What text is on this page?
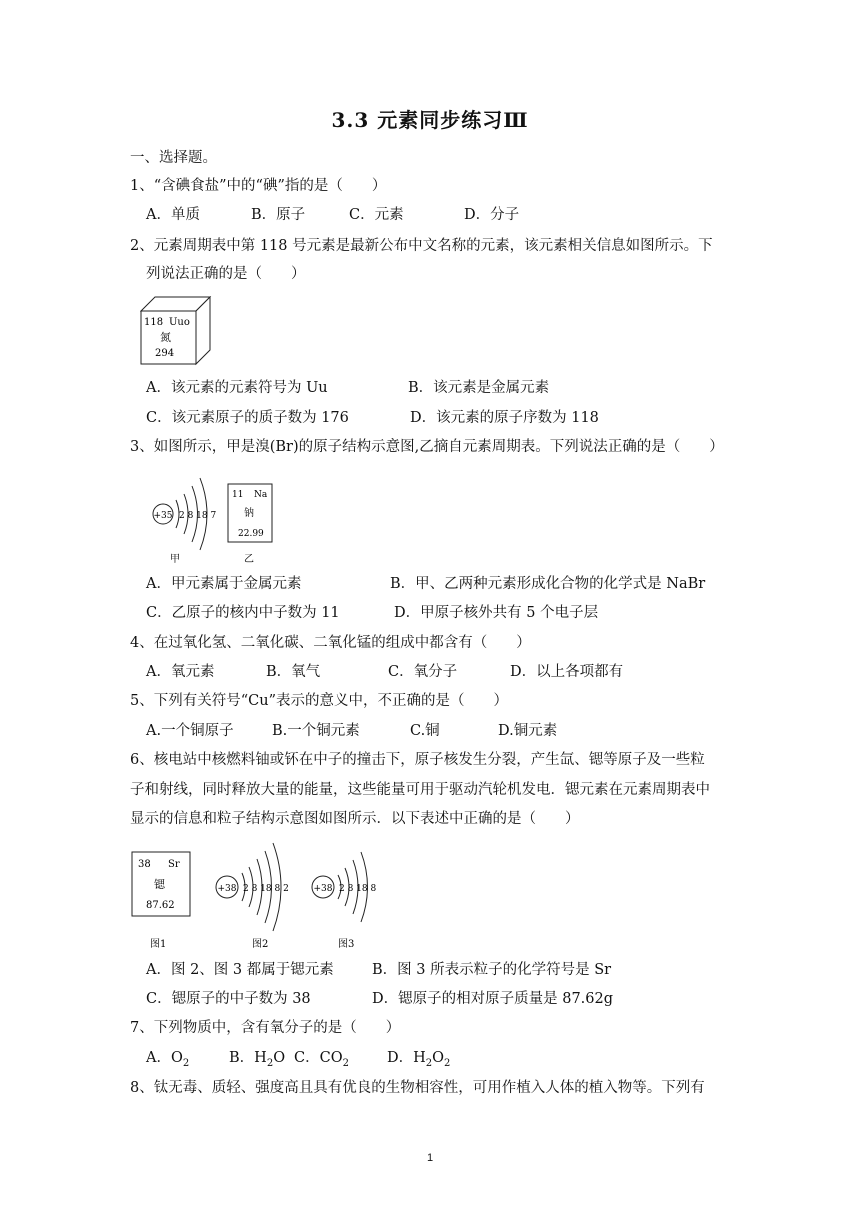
3.3 元素同步练习Ⅲ
一、选择题。
1、“含碘食盐”中的“碘”指的是（　　）
A．单质	B．原子	C．元素	D．分子
2、元素周期表中第 118 号元素是最新公布中文名称的元素，该元素相关信息如图所示。下
列说法正确的是（　　）
118 Uuo
氮
294
A．该元素的元素符号为 Uu	B．该元素是金属元素
C．该元素原子的质子数为 176	D．该元素的原子序数为 118
3、如图所示，甲是溴(Br)的原子结构示意图,乙摘自元素周期表。下列说法正确的是（　　）
+35 2 8 18 7
甲
11 Na
钠
22.99
乙
A．甲元素属于金属元素	B．甲、乙两种元素形成化合物的化学式是 NaBr
C．乙原子的核内中子数为 11	D．甲原子核外共有 5 个电子层
4、在过氧化氢、二氧化碳、二氧化锰的组成中都含有（　　）
A．氧元素	B．氧气	C．氧分子	D．以上各项都有
5、下列有关符号“Cu”表示的意义中，不正确的是（　　）
A.一个铜原子	B.一个铜元素	C.铜	D.铜元素
6、核电站中核燃料铀或钚在中子的撞击下，原子核发生分裂，产生氙、锶等原子及一些粒
子和射线，同时释放大量的能量，这些能量可用于驱动汽轮机发电．锶元素在元素周期表中
显示的信息和粒子结构示意图如图所示．以下表述中正确的是（　　）
38 Sr
锶
87.62
图1
+38 2 8 18 8 2
图2
+38 2 8 18 8
图3
A．图 2、图 3 都属于锶元素	B．图 3 所表示粒子的化学符号是 Sr
C．锶原子的中子数为 38	D．锶原子的相对原子质量是 87.62g
7、下列物质中，含有氧分子的是（　　）
A．$O_2$	B．$H_2O$ C．$CO_2$	D．$H_2O_2$
8、钛无毒、质轻、强度高且具有优良的生物相容性，可用作植入人体的植入物等。下列有
1
